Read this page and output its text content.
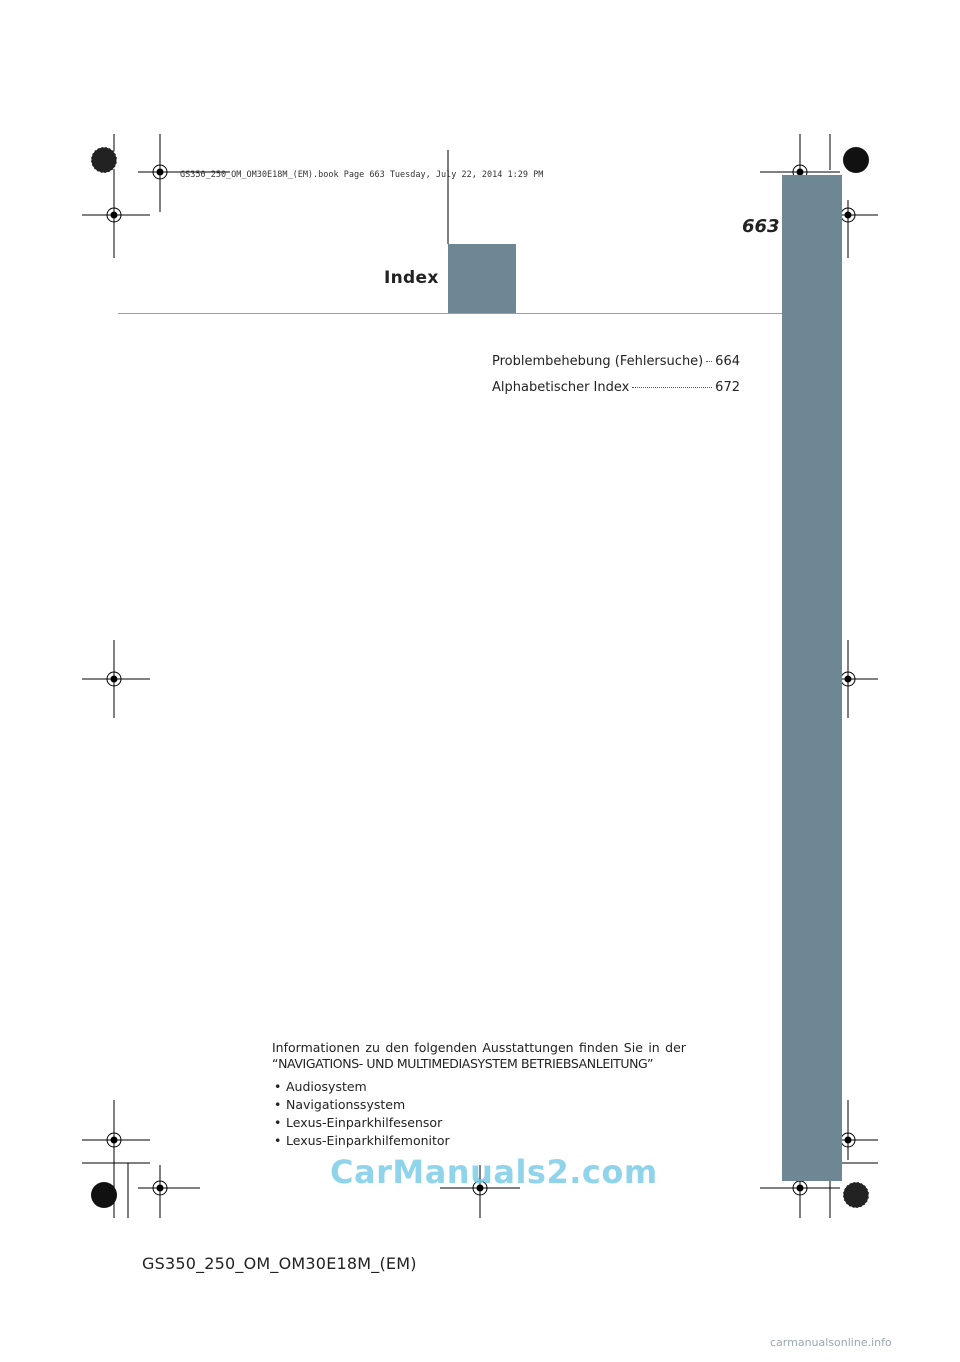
GS350_250_OM_OM30E18M_(EM).book Page 663 Tuesday, July 22, 2014 1:29 PM
663
Index
Problembehebung (Fehlersuche) 664
Alphabetischer Index	672

Informationen zu den folgenden Ausstattungen finden Sie in der

“NAVIGATIONS- UND MULTIMEDIASYSTEM BETRIEBSANLEITUNG”

• Audiosystem
• Navigationssystem
• Lexus-Einparkhilfesensor
• Lexus-Einparkhilfemonitor
CarManuals2.com
GS350_250_OM_OM30E18M_(EM)
carmanualsonline.info
